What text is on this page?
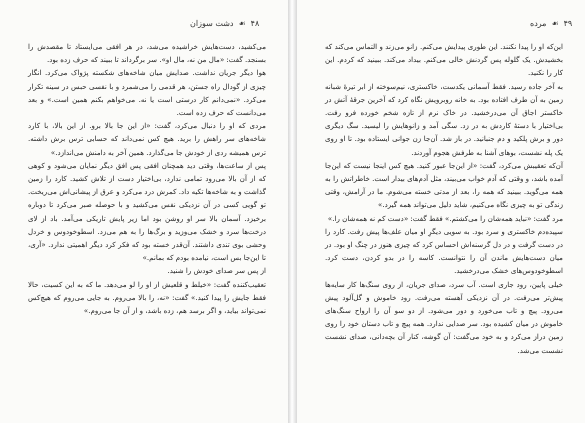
۴۸
☙
دشت سوزان

می‌کشید، دست‌هایش خراشیده می‌شد، در هر افقی می‌ایستاد تا مقصدش را بسنجد. گفت: «مال من نه، مال او». سر برگرداند تا ببیند که حرف زده بود.

هوا دیگر جریان نداشت. صدایش میان شاخه‌های شکسته پژواک می‌کرد. انگار چیزی از گودال راه جستن، هر قدمی را می‌شمرد و با نفسی حبس در سینه تکرار می‌کرد. «نمی‌دانم کار درستی است یا نه. می‌خواهم بکنم همین است.» و بعد می‌دانست که حرف زده است.

مردی که او را دنبال می‌کرد، گفت: «از این جا بالا برو. از این بالا، با کارد شاخه‌های سر راهش را برید. هیچ کس نمی‌داند که حسابی ترس برش داشته. ترس همیشه ردی از خودش جا می‌گذارد. همین آخر به دامنش می‌اندازد.»

پس از ساعت‌ها، وقتی دید همچنان افقی پس افق دیگر نمایان می‌شود و کوهی که از آن بالا می‌رود تمامی ندارد، بی‌اختیار دست از تلاش کشید. کارد را زمین گذاشت و به شاخه‌ها تکیه داد. کمرش درد می‌کرد و عرق از پیشانی‌اش می‌ریخت. تو گویی کسی در آن نزدیکی نفس می‌کشید و با حوصله صبر می‌کرد تا دوباره برخیزد. آسمان بالا سر او روشن بود اما زیر پایش تاریکی می‌آمد. باد از لای درخت‌ها سرد و خشک می‌وزید و برگ‌ها را به هم می‌زد. اسطوخودوس و خردل وحشی بوی تندی داشتند. آن‌قدر خسته بود که فکر کرد دیگر اهمیتی ندارد. «آری، تا این‌جا بس است، نیامده بودم که بمانم.»

از پس سر صدای خودش را شنید.

تعقیب‌کننده گفت: «خیلط و قلعیش از او را لو می‌دهد. ما که به این کسیت، حالا فقط جایش را پیدا کنید.» گفت: «نه، را بالا می‌روم. به جایی می‌روم که هیچ‌کس نمی‌تواند بیاید، و اگر برسد هم، زده باشد، و از آن جا می‌روم.»

۴۹
☙
مرده

این‌که او را پیدا نکنند. این طوری پیدایش می‌کنم. زانو می‌زند و التماس می‌کند که بخشیدش. یک گلوله پس گردنش خالی می‌کنم. بیداد می‌کند. ببینید که کردم. این کار را نکنید.

به آخر جاده رسید. فقط آسمانی یکدست، خاکستری، نیم‌سوخته از ابر تیرهٔ شبانه زمین به آن طرف افتاده بود. به خانه روبرویش نگاه کرد که آخرین جرقهٔ آتش در خاکستر اجاق آن می‌درخشید. در خاک نرم از تازه شخم خورده فرو رفت. بی‌اختیار با دستهٔ کاردش به در زد. سگی آمد و زانوهایش را لیسید. سگ دیگری دور و برش پلکید و دم جنبانید. در باز شد. آن‌جا زن جوانی ایستاده بود. تا او روی یک پله نشست، بوهای آشنا به طرفش هجوم آوردند.

آن‌که تعقیبش می‌کرد، گفت: «از این‌جا عبور کنید. هیچ کس اینجا نیست که این‌جا آمده باشد، و وقتی که آدم خواب می‌بیند، مثل آدم‌های بیدار است. خاطراتش را به همه می‌گوید. ببینید که همه را، بعد از مدتی خسته می‌شوم. ما در آرامش، وقتی زندگی تو به چیزی نگاه می‌کنیم، شاید دلیل می‌تواند همه گیرد.»

مرد گفت: «نباید همه‌شان را می‌کشتم.» فقط گفت: «دست کم نه همه‌شان را.»

سپیده‌دم خاکستری و سرد بود. به سویی دیگرِ او میان علف‌ها پیش رفت. کارد را در دست گرفت و در دل گرسنه‌اش احساس کرد که چیزی هنوز در چنگ او بود. در میان دست‌هایش ماندن آن را نتوانست. کاسه را در بدو کردن، دست کرد. اسطوخودوس‌های خشک می‌درخشید.

خیلی پایین، رود جاری است. آب سرد، صدای جریان، از روی سنگ‌ها کار سایه‌ها پیش‌تر می‌رفت. در آن نزدیکی آهسته می‌رفت. رود خاموش و گل‌آلود پیش می‌رود. پیچ و تاب می‌خورد و دور می‌شود. از دو سو آن را ارواح سنگ‌های خاموش در میان کشیده بود. سر صدایی ندارد. همه پیچ و تاب دستان خود را روی زمین دراز می‌کرد و به خود می‌گفت: آن گوشه، کنار آن بچه‌دانی، صدای نشست نشست می‌شد.
